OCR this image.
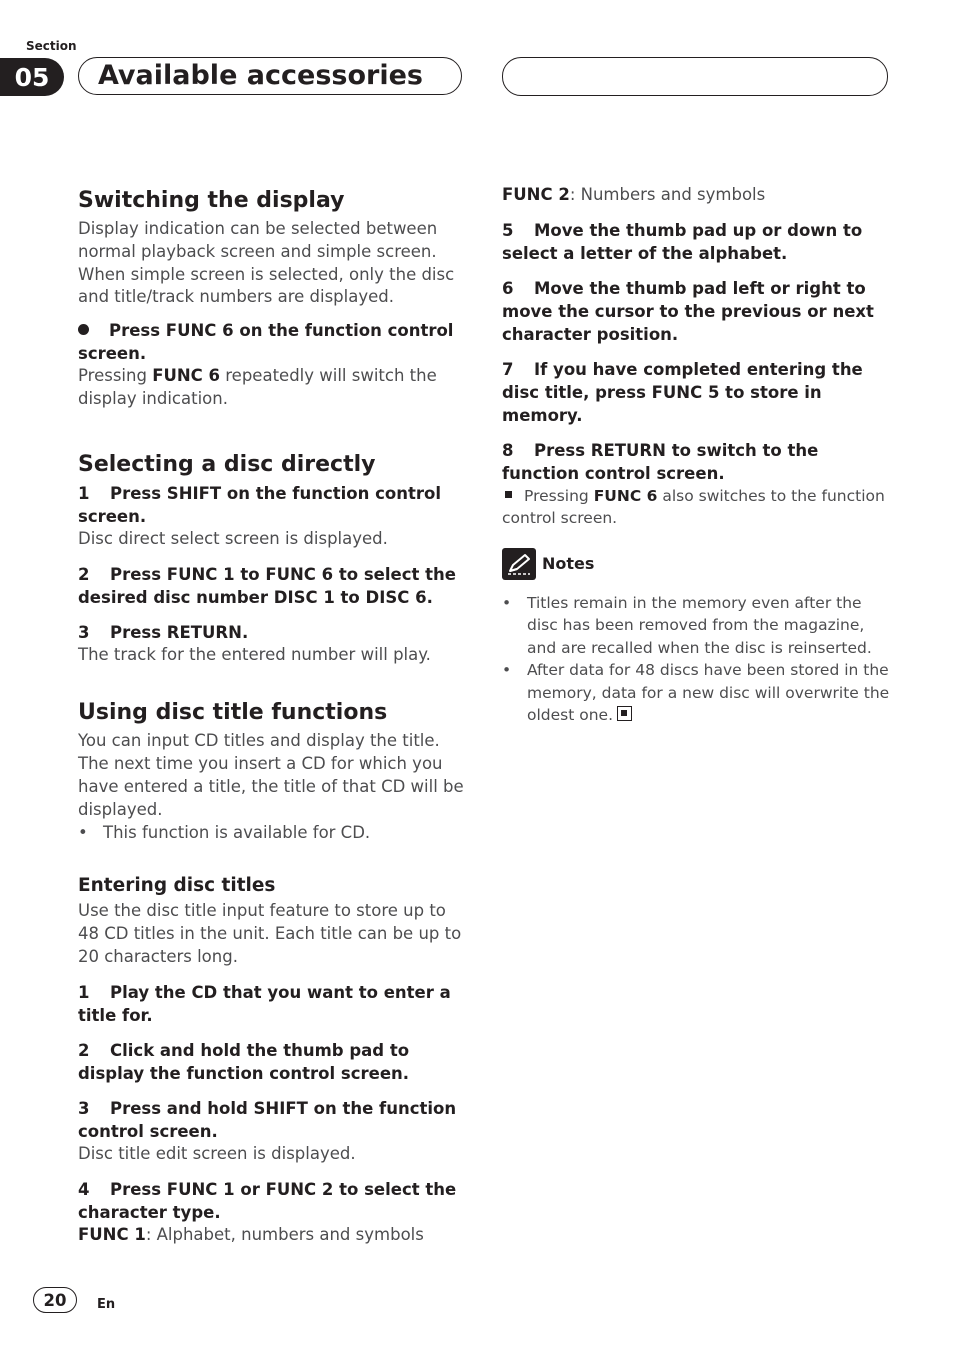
Section
05	Available accessories
Switching the display

Display indication can be selected between normal playback screen and simple screen. When simple screen is selected, only the disc and title/track numbers are displayed.

Press FUNC 6 on the function control screen.

Pressing FUNC 6 repeatedly will switch the display indication.

Selecting a disc directly

1 Press SHIFT on the function control screen.

Disc direct select screen is displayed.

2 Press FUNC 1 to FUNC 6 to select the desired disc number DISC 1 to DISC 6.

3 Press RETURN.

The track for the entered number will play.

Using disc title functions

You can input CD titles and display the title. The next time you insert a CD for which you have entered a title, the title of that CD will be displayed.

• This function is available for CD.
Entering disc titles

Use the disc title input feature to store up to 48 CD titles in the unit. Each title can be up to 20 characters long.

1 Play the CD that you want to enter a title for.

2 Click and hold the thumb pad to display the function control screen.

3 Press and hold SHIFT on the function control screen.

Disc title edit screen is displayed.

4 Press FUNC 1 or FUNC 2 to select the character type.

FUNC 1: Alphabet, numbers and symbols

FUNC 2: Numbers and symbols

5 Move the thumb pad up or down to select a letter of the alphabet.

6 Move the thumb pad left or right to move the cursor to the previous or next character position.

7 If you have completed entering the disc title, press FUNC 5 to store in memory.

8 Press RETURN to switch to the function control screen.

Pressing FUNC 6 also switches to the function control screen.

Notes
•	Titles remain in the memory even after the disc has been removed from the magazine, and are recalled when the disc is reinserted.
•	After data for 48 discs have been stored in the memory, data for a new disc will overwrite the oldest one.
20	En
